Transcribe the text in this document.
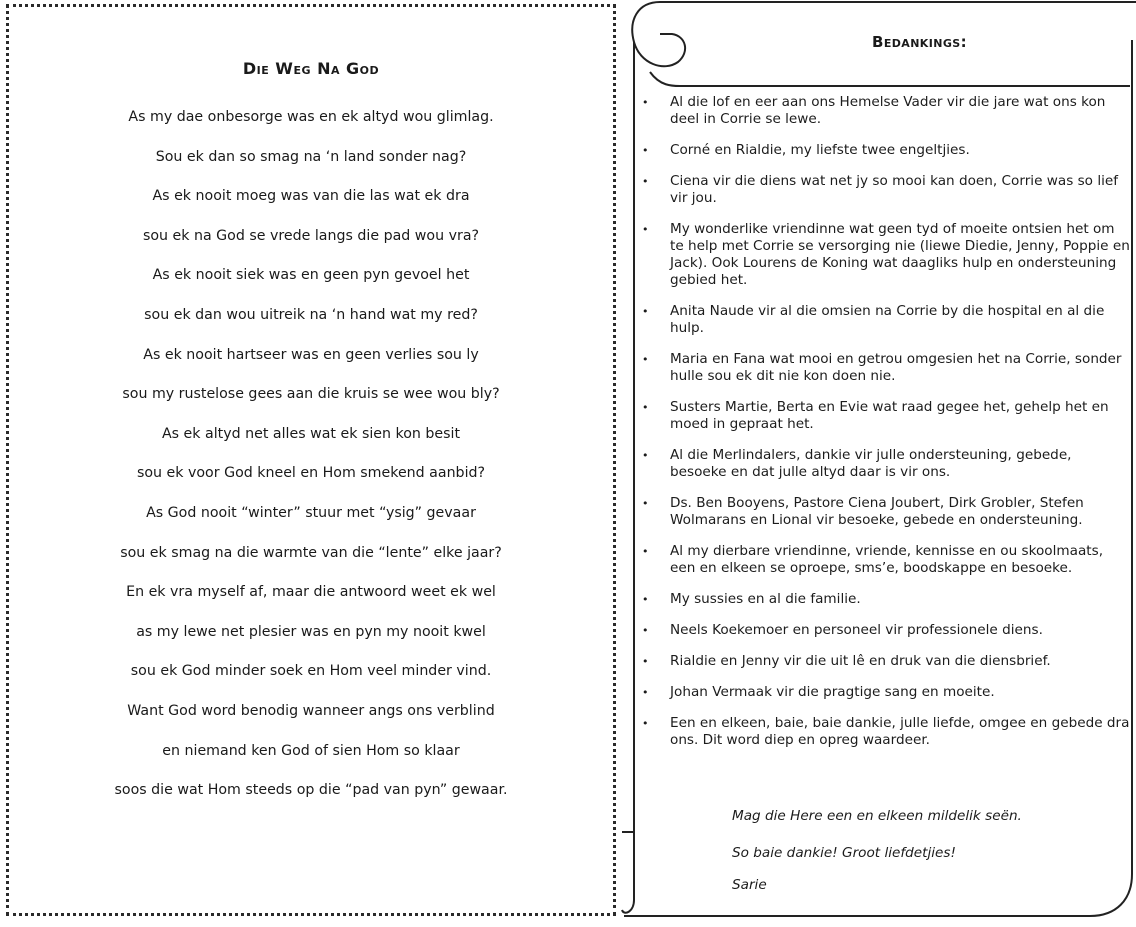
Die Weg Na God
As my dae onbesorge was en ek altyd wou glimlag.
Sou ek dan so smag na ‘n land sonder nag?
As ek nooit moeg was van die las wat ek dra
sou ek na God se vrede langs die pad wou vra?
As ek nooit siek was en geen pyn gevoel het
sou ek dan wou uitreik na ‘n hand wat my red?
As ek nooit hartseer was en geen verlies sou ly
sou my rustelose gees aan die kruis se wee wou bly?
As ek altyd net alles wat ek sien kon besit
sou ek voor God kneel en Hom smekend aanbid?
As God nooit “winter” stuur met “ysig” gevaar
sou ek smag na die warmte van die “lente” elke jaar?
En ek vra myself af, maar die antwoord weet ek wel
as my lewe net plesier was en pyn my nooit kwel
sou ek God minder soek en Hom veel minder vind.
Want God word benodig wanneer angs ons verblind
en niemand ken God of sien Hom so klaar
soos die wat Hom steeds op die “pad van pyn” gewaar.
Bedankings:
• Al die lof en eer aan ons Hemelse Vader vir die jare wat ons kon deel in Corrie se lewe.
• Corné en Rialdie, my liefste twee engeltjies.
• Ciena vir die diens wat net jy so mooi kan doen, Corrie was so lief vir jou.
• My wonderlike vriendinne wat geen tyd of moeite ontsien het om te help met Corrie se versorging nie (liewe Diedie, Jenny, Poppie en Jack). Ook Lourens de Koning wat daagliks hulp en ondersteuning gebied het.
• Anita Naude vir al die omsien na Corrie by die hospital en al die hulp.
• Maria en Fana wat mooi en getrou omgesien het na Corrie, sonder hulle sou ek dit nie kon doen nie.
• Susters Martie, Berta en Evie wat raad gegee het, gehelp het en moed in gepraat het.
• Al die Merlindalers, dankie vir julle ondersteuning, gebede, besoeke en dat julle altyd daar is vir ons.
• Ds. Ben Booyens, Pastore Ciena Joubert, Dirk Grobler, Stefen Wolmarans en Lional vir besoeke, gebede en ondersteuning.
• Al my dierbare vriendinne, vriende, kennisse en ou skoolmaats, een en elkeen se oproepe, sms’e, boodskappe en besoeke.
• My sussies en al die familie.
• Neels Koekemoer en personeel vir professionele diens.
• Rialdie en Jenny vir die uit lê en druk van die diensbrief.
• Johan Vermaak vir die pragtige sang en moeite.
• Een en elkeen, baie, baie dankie, julle liefde, omgee en gebede dra ons. Dit word diep en opreg waardeer.
Mag die Here een en elkeen mildelik seën.
So baie dankie! Groot liefdetjies!
Sarie
